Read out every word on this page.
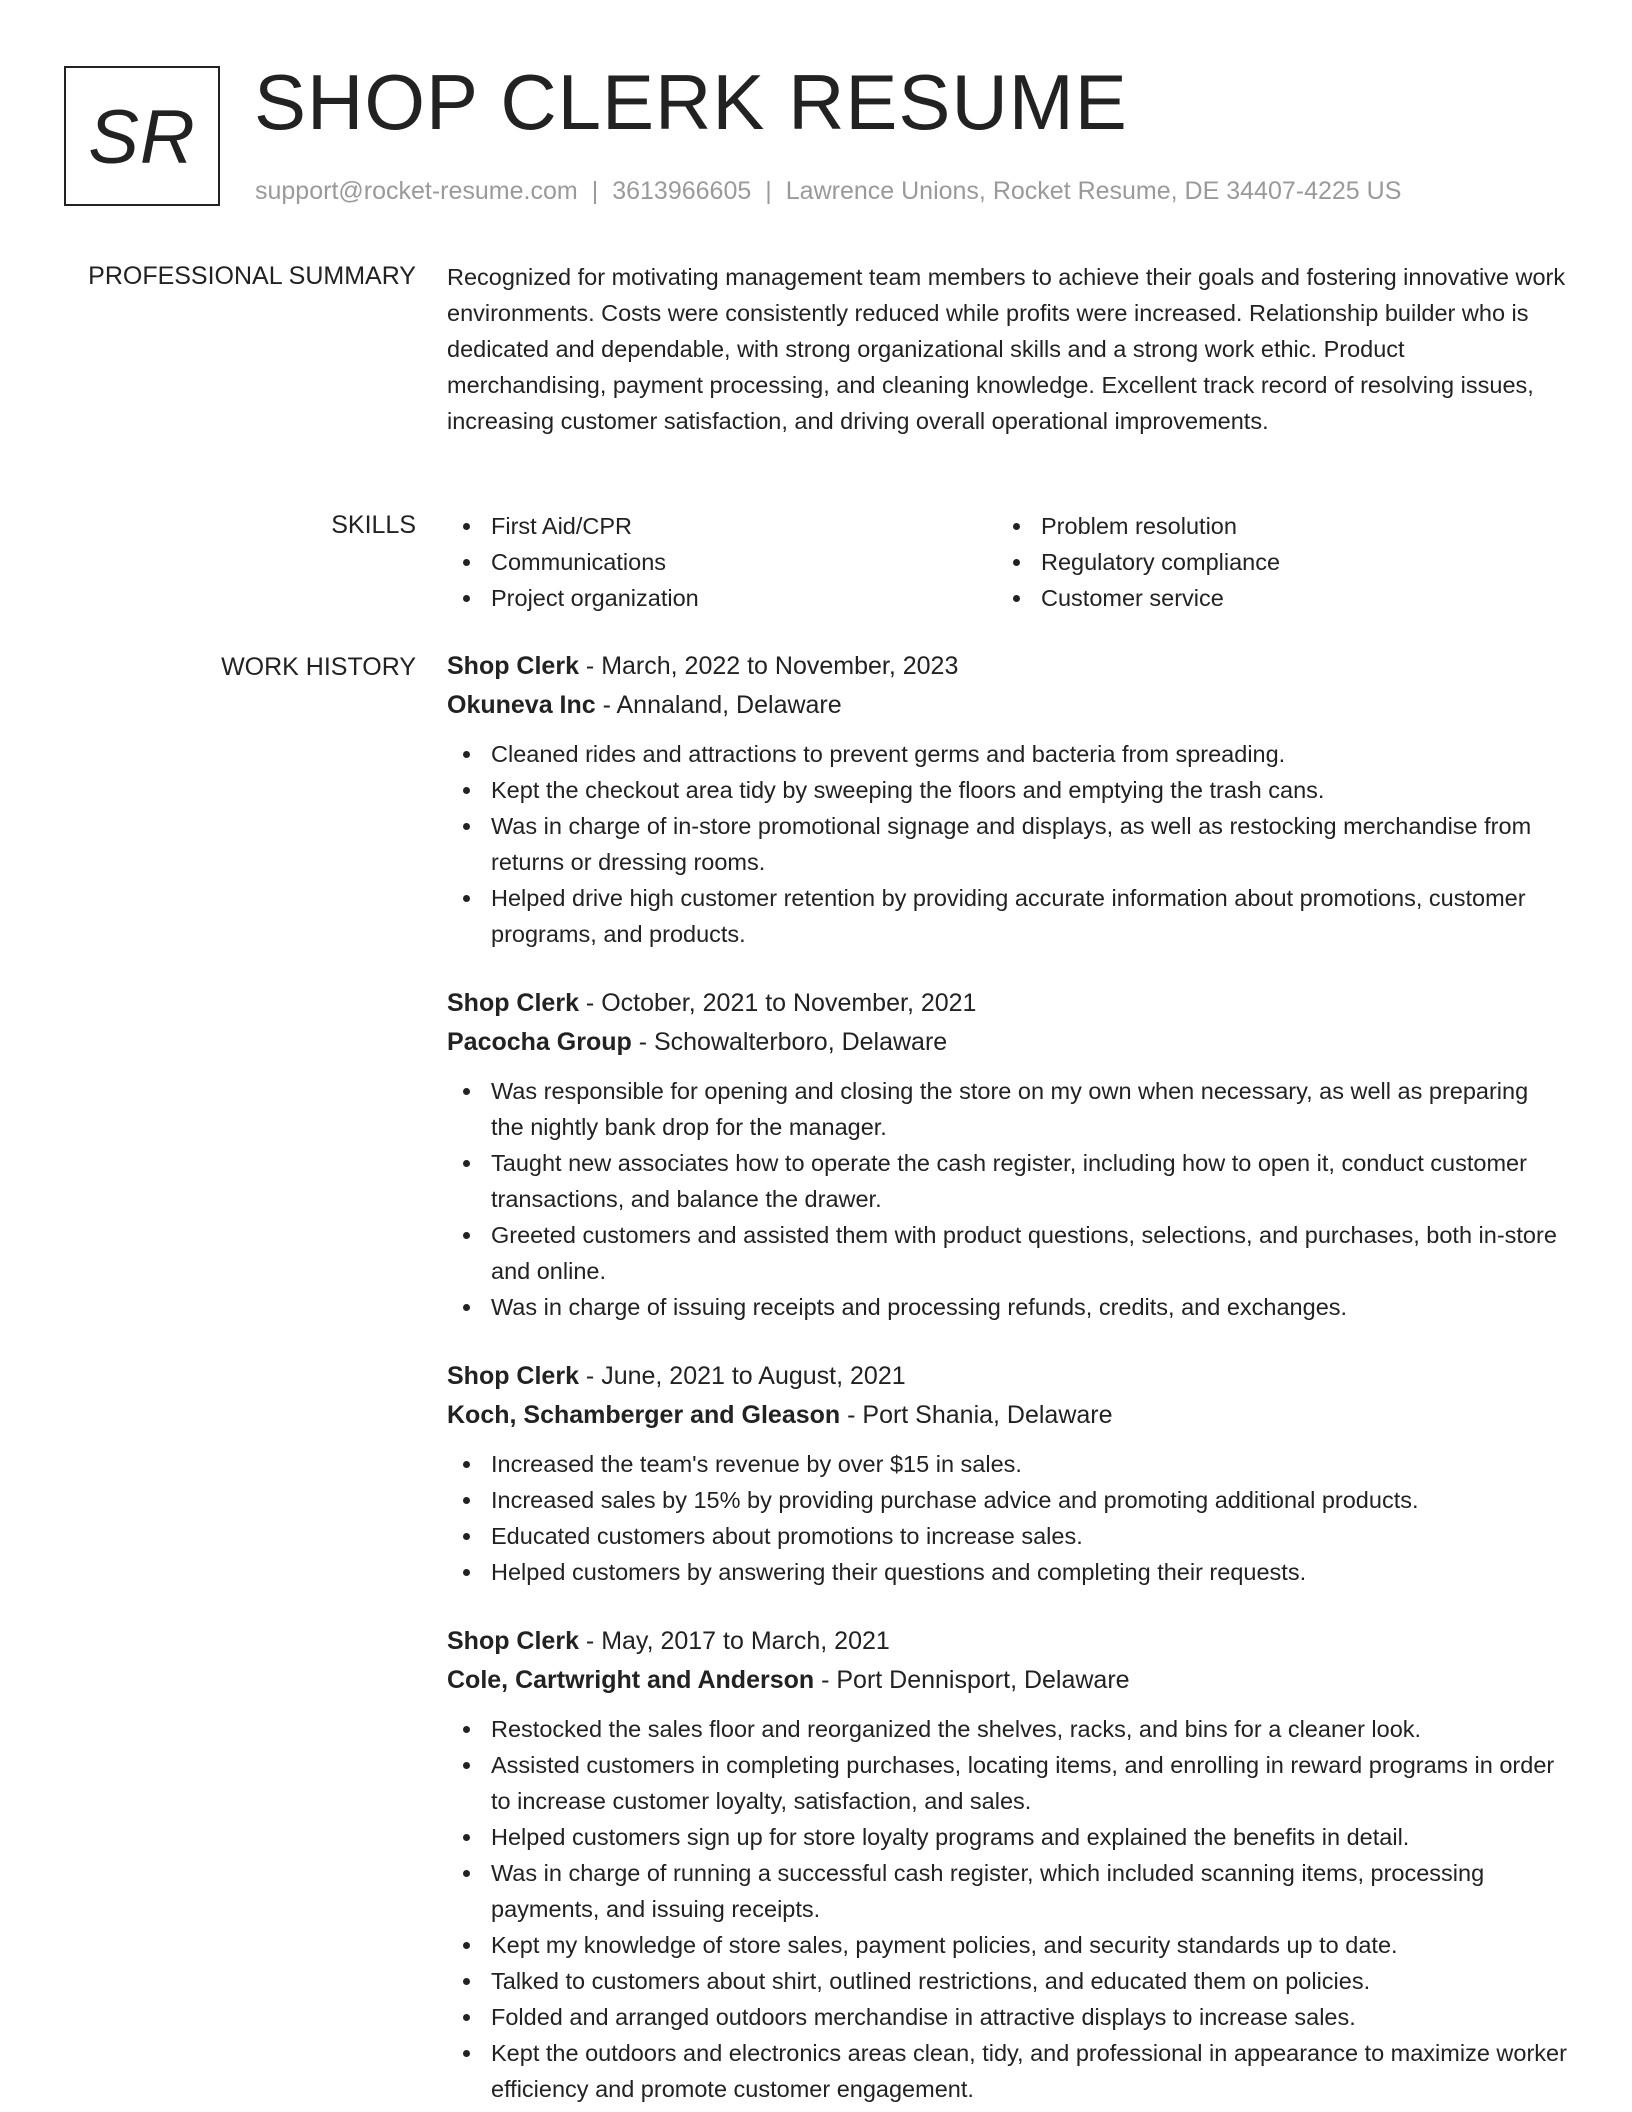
SR SHOP CLERK RESUME
support@rocket-resume.com | 3613966605 | Lawrence Unions, Rocket Resume, DE 34407-4225 US
PROFESSIONAL SUMMARY Recognized for motivating management team members to achieve their goals and fostering innovative work environments. Costs were consistently reduced while profits were increased. Relationship builder who is dedicated and dependable, with strong organizational skills and a strong work ethic. Product merchandising, payment processing, and cleaning knowledge. Excellent track record of resolving issues, increasing customer satisfaction, and driving overall operational improvements.

SKILLS	First Aid/CPR
Communications
Project organization
Problem resolution
Regulatory compliance
Customer service
WORK HISTORY Shop Clerk - March, 2022 to November, 2023
Okuneva Inc - Annaland, Delaware
Cleaned rides and attractions to prevent germs and bacteria from spreading.
Kept the checkout area tidy by sweeping the floors and emptying the trash cans.
Was in charge of in-store promotional signage and displays, as well as restocking merchandise from returns or dressing rooms.
Helped drive high customer retention by providing accurate information about promotions, customer programs, and products.
Shop Clerk - October, 2021 to November, 2021
Pacocha Group - Schowalterboro, Delaware
Was responsible for opening and closing the store on my own when necessary, as well as preparing the nightly bank drop for the manager.
Taught new associates how to operate the cash register, including how to open it, conduct customer transactions, and balance the drawer.
Greeted customers and assisted them with product questions, selections, and purchases, both in-store and online.
Was in charge of issuing receipts and processing refunds, credits, and exchanges.
Shop Clerk - June, 2021 to August, 2021
Koch, Schamberger and Gleason - Port Shania, Delaware
Increased the team's revenue by over $15 in sales.
Increased sales by 15% by providing purchase advice and promoting additional products.
Educated customers about promotions to increase sales.
Helped customers by answering their questions and completing their requests.
Shop Clerk - May, 2017 to March, 2021
Cole, Cartwright and Anderson - Port Dennisport, Delaware
Restocked the sales floor and reorganized the shelves, racks, and bins for a cleaner look.
Assisted customers in completing purchases, locating items, and enrolling in reward programs in order to increase customer loyalty, satisfaction, and sales.
Helped customers sign up for store loyalty programs and explained the benefits in detail.
Was in charge of running a successful cash register, which included scanning items, processing payments, and issuing receipts.
Kept my knowledge of store sales, payment policies, and security standards up to date.
Talked to customers about shirt, outlined restrictions, and educated them on policies.
Folded and arranged outdoors merchandise in attractive displays to increase sales.
Kept the outdoors and electronics areas clean, tidy, and professional in appearance to maximize worker efficiency and promote customer engagement.
